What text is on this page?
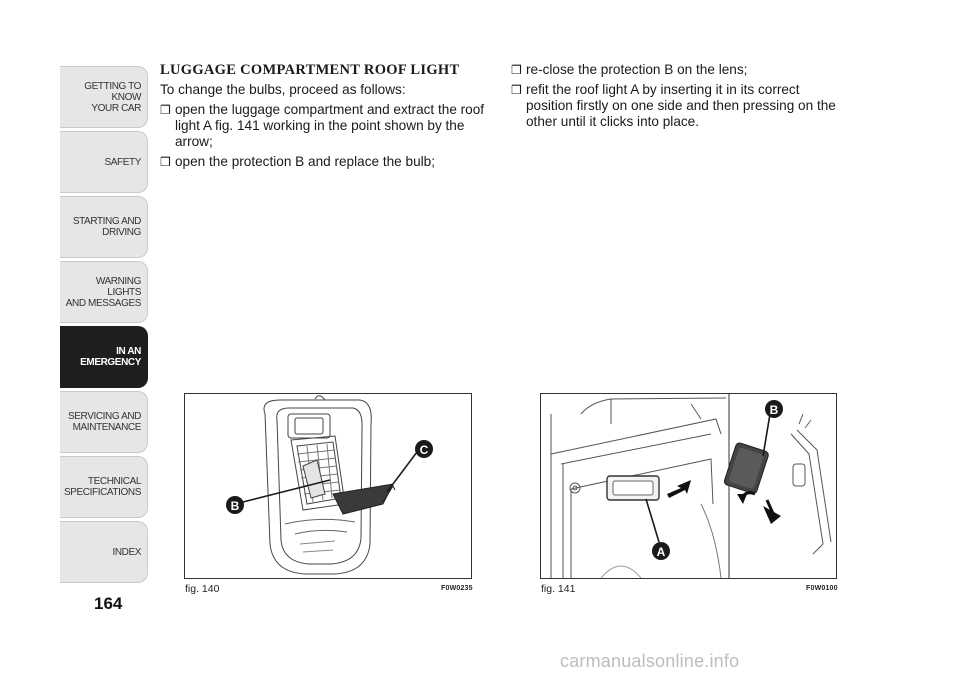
GETTING TO KNOW
YOUR CAR
SAFETY
STARTING AND
DRIVING
WARNING LIGHTS
AND MESSAGES
IN AN
EMERGENCY
SERVICING AND
MAINTENANCE
TECHNICAL
SPECIFICATIONS
INDEX
164

LUGGAGE COMPARTMENT ROOF LIGHT

To change the bulbs, proceed as follows:

❒ open the luggage compartment and extract the roof light A fig. 141 working in the point shown by the arrow;

❒ open the protection B and replace the bulb;

❒ re-close the protection B on the lens;

❒ refit the roof light A by inserting it in its correct position firstly on one side and then pressing on the other until it clicks into place.

B
C
fig. 140	F0W0235
A
B
fig. 141	F0W0100
carmanualsonline.info
